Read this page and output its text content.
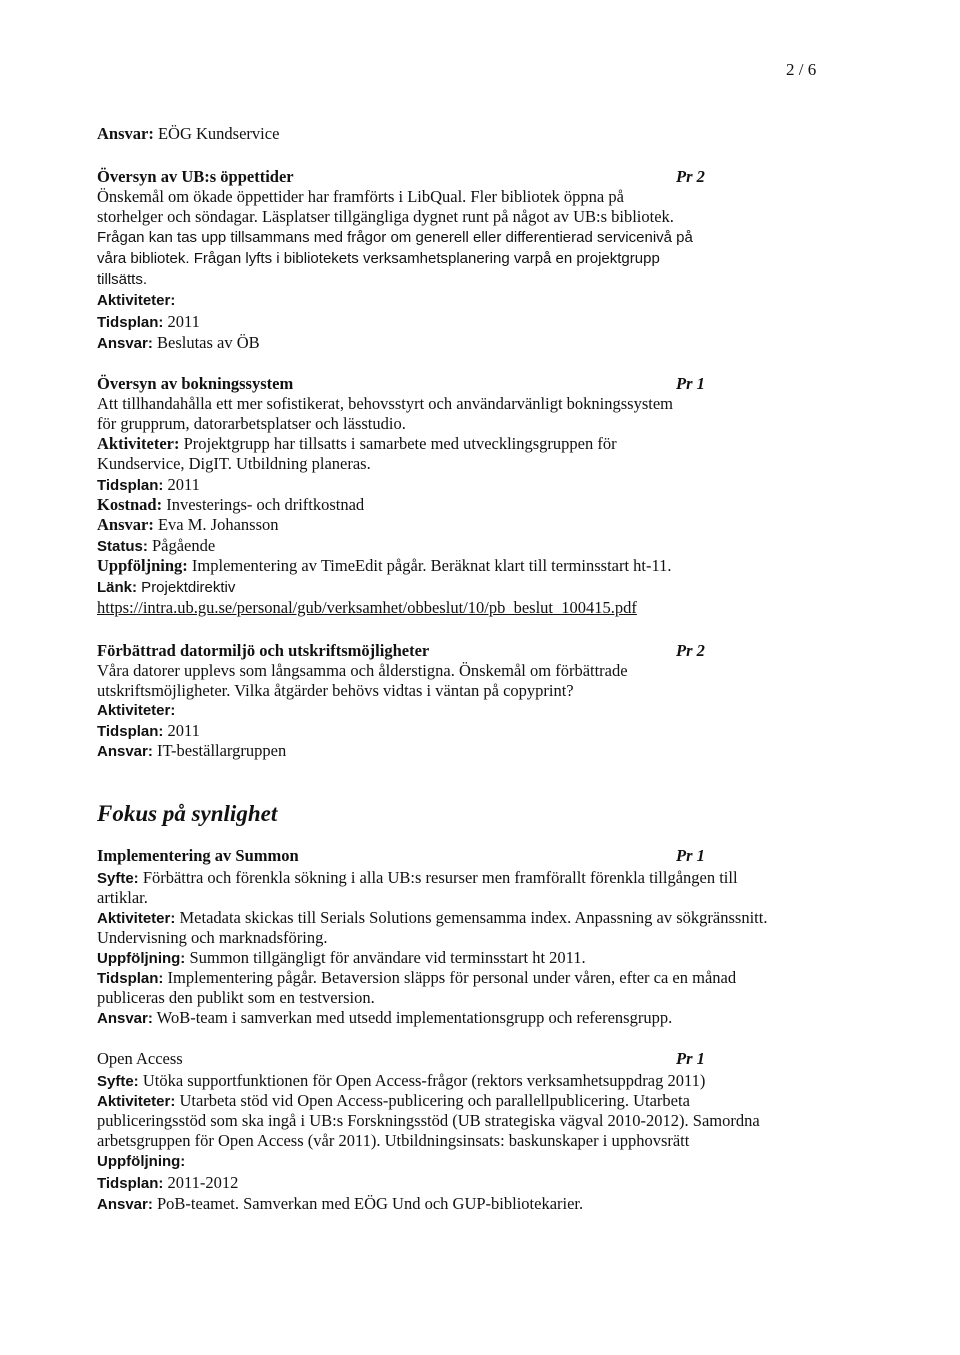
2 / 6
Ansvar: EÖG Kundservice
Översyn av UB:s öppettider	Pr 2
Önskemål om ökade öppettider har framförts i LibQual. Fler bibliotek öppna på
storhelger och söndagar. Läsplatser tillgängliga dygnet runt på något av UB:s bibliotek.
Frågan kan tas upp tillsammans med frågor om generell eller differentierad servicenivå på
våra bibliotek. Frågan lyfts i bibliotekets verksamhetsplanering varpå en projektgrupp
tillsätts.
Aktiviteter:
Tidsplan: 2011
Ansvar: Beslutas av ÖB
Översyn av bokningssystem	Pr 1
Att tillhandahålla ett mer sofistikerat, behovsstyrt och användarvänligt bokningssystem
för grupprum, datorarbetsplatser och lässtudio.
Aktiviteter: Projektgrupp har tillsatts i samarbete med utvecklingsgruppen för
Kundservice, DigIT. Utbildning planeras.
Tidsplan: 2011
Kostnad: Investerings- och driftkostnad
Ansvar: Eva M. Johansson
Status: Pågående
Uppföljning: Implementering av TimeEdit pågår. Beräknat klart till terminsstart ht-11.
Länk: Projektdirektiv
https://intra.ub.gu.se/personal/gub/verksamhet/obbeslut/10/pb_beslut_100415.pdf
Förbättrad datormiljö och utskriftsmöjligheter	Pr 2
Våra datorer upplevs som långsamma och ålderstigna. Önskemål om förbättrade
utskriftsmöjligheter. Vilka åtgärder behövs vidtas i väntan på copyprint?
Aktiviteter:
Tidsplan: 2011
Ansvar: IT-beställargruppen
Fokus på synlighet
Implementering av Summon	Pr 1
Syfte: Förbättra och förenkla sökning i alla UB:s resurser men framförallt förenkla tillgången till
artiklar.
Aktiviteter: Metadata skickas till Serials Solutions gemensamma index. Anpassning av sökgränssnitt.
Undervisning och marknadsföring.
Uppföljning: Summon tillgängligt för användare vid terminsstart ht 2011.
Tidsplan: Implementering pågår. Betaversion släpps för personal under våren, efter ca en månad
publiceras den publikt som en testversion.
Ansvar: WoB-team i samverkan med utsedd implementationsgrupp och referensgrupp.
Open Access	Pr 1
Syfte: Utöka supportfunktionen för Open Access-frågor (rektors verksamhetsuppdrag 2011)
Aktiviteter: Utarbeta stöd vid Open Access-publicering och parallellpublicering. Utarbeta
publiceringsstöd som ska ingå i UB:s Forskningsstöd (UB strategiska vägval 2010-2012). Samordna
arbetsgruppen för Open Access (vår 2011). Utbildningsinsats: baskunskaper i upphovsrätt
Uppföljning:
Tidsplan: 2011-2012
Ansvar: PoB-teamet. Samverkan med EÖG Und och GUP-bibliotekarier.
